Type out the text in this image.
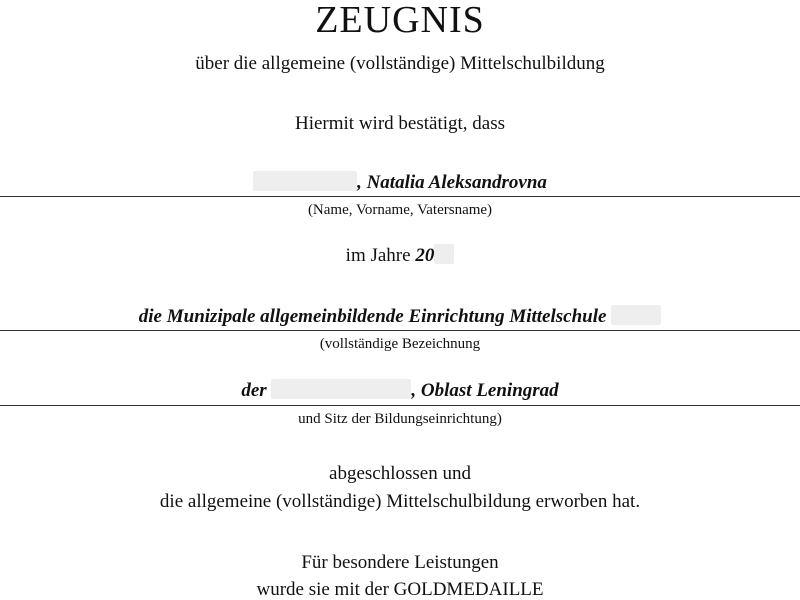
ZEUGNIS
über die allgemeine (vollständige) Mittelschulbildung
Hiermit wird bestätigt, dass
, Natalia Aleksandrovna
(Name, Vorname, Vatersname)
im Jahre 20
die Munizipale allgemeinbildende Einrichtung Mittelschule
(vollständige Bezeichnung
der	, Oblast Leningrad
und Sitz der Bildungseinrichtung)
abgeschlossen und
die allgemeine (vollständige) Mittelschulbildung erworben hat.
Für besondere Leistungen
wurde sie mit der GOLDMEDAILLE
